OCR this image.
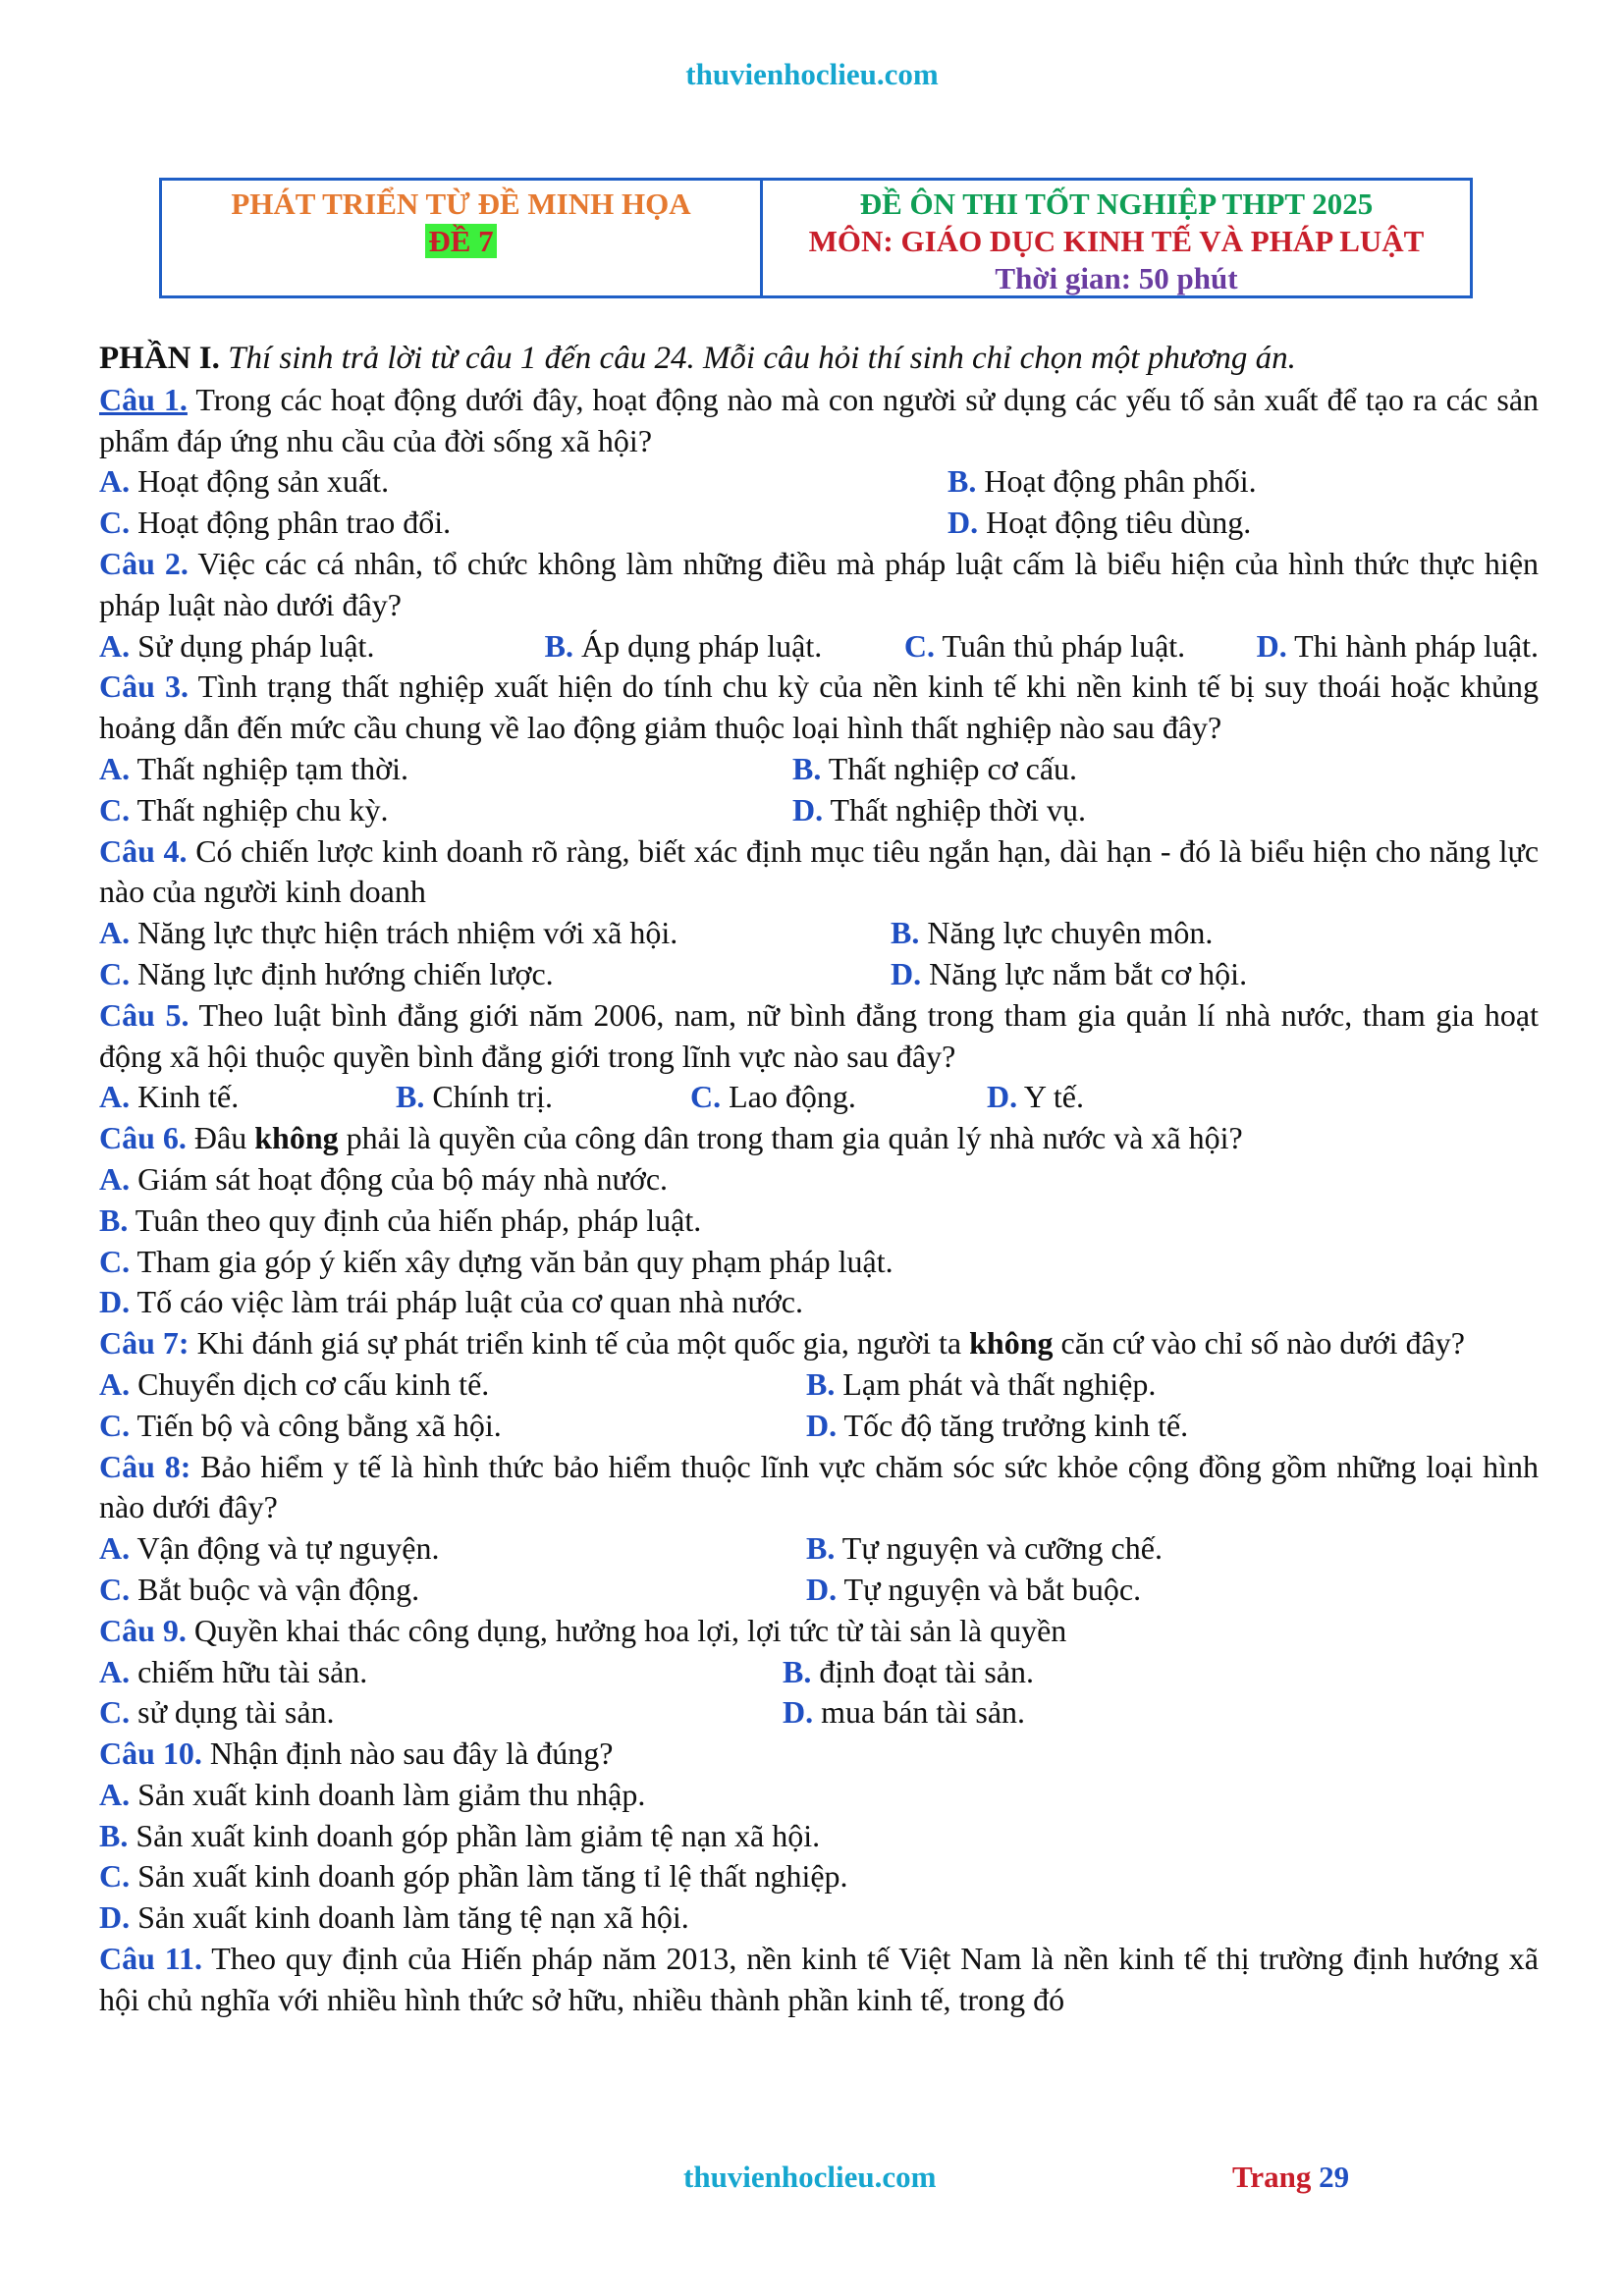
thuvienhoclieu.com
PHÁT TRIỂN TỪ ĐỀ MINH HỌA
ĐỀ 7
ĐỀ ÔN THI TỐT NGHIỆP THPT 2025
MÔN: GIÁO DỤC KINH TẾ VÀ PHÁP LUẬT
Thời gian: 50 phút

PHẦN I. Thí sinh trả lời từ câu 1 đến câu 24. Mỗi câu hỏi thí sinh chỉ chọn một phương án.

Câu 1. Trong các hoạt động dưới đây, hoạt động nào mà con người sử dụng các yếu tố sản xuất để tạo ra các sản phẩm đáp ứng nhu cầu của đời sống xã hội?

A. Hoạt động sản xuất.	B. Hoạt động phân phối.
C. Hoạt động phân trao đổi.	D. Hoạt động tiêu dùng.

Câu 2. Việc các cá nhân, tổ chức không làm những điều mà pháp luật cấm là biểu hiện của hình thức thực hiện pháp luật nào dưới đây?

A. Sử dụng pháp luật.	B. Áp dụng pháp luật.	C. Tuân thủ pháp luật.	D. Thi hành pháp luật.

Câu 3. Tình trạng thất nghiệp xuất hiện do tính chu kỳ của nền kinh tế khi nền kinh tế bị suy thoái hoặc khủng hoảng dẫn đến mức cầu chung về lao động giảm thuộc loại hình thất nghiệp nào sau đây?

A. Thất nghiệp tạm thời.	B. Thất nghiệp cơ cấu.
C. Thất nghiệp chu kỳ.	D. Thất nghiệp thời vụ.

Câu 4. Có chiến lược kinh doanh rõ ràng, biết xác định mục tiêu ngắn hạn, dài hạn - đó là biểu hiện cho năng lực nào của người kinh doanh

A. Năng lực thực hiện trách nhiệm với xã hội.	B. Năng lực chuyên môn.
C. Năng lực định hướng chiến lược.	D. Năng lực nắm bắt cơ hội.

Câu 5. Theo luật bình đẳng giới năm 2006, nam, nữ bình đẳng trong tham gia quản lí nhà nước, tham gia hoạt động xã hội thuộc quyền bình đẳng giới trong lĩnh vực nào sau đây?

A. Kinh tế.	B. Chính trị.	C. Lao động.	D. Y tế.

Câu 6. Đâu không phải là quyền của công dân trong tham gia quản lý nhà nước và xã hội?

A. Giám sát hoạt động của bộ máy nhà nước.

B. Tuân theo quy định của hiến pháp, pháp luật.

C. Tham gia góp ý kiến xây dựng văn bản quy phạm pháp luật.

D. Tố cáo việc làm trái pháp luật của cơ quan nhà nước.

Câu 7: Khi đánh giá sự phát triển kinh tế của một quốc gia, người ta không căn cứ vào chỉ số nào dưới đây?

A. Chuyển dịch cơ cấu kinh tế.	B. Lạm phát và thất nghiệp.
C. Tiến bộ và công bằng xã hội.	D. Tốc độ tăng trưởng kinh tế.

Câu 8: Bảo hiểm y tế là hình thức bảo hiểm thuộc lĩnh vực chăm sóc sức khỏe cộng đồng gồm những loại hình nào dưới đây?

A. Vận động và tự nguyện.	B. Tự nguyện và cưỡng chế.
C. Bắt buộc và vận động.	D. Tự nguyện và bắt buộc.

Câu 9. Quyền khai thác công dụng, hưởng hoa lợi, lợi tức từ tài sản là quyền

A. chiếm hữu tài sản.	B. định đoạt tài sản.
C. sử dụng tài sản.	D. mua bán tài sản.

Câu 10. Nhận định nào sau đây là đúng?

A. Sản xuất kinh doanh làm giảm thu nhập.

B. Sản xuất kinh doanh góp phần làm giảm tệ nạn xã hội.

C. Sản xuất kinh doanh góp phần làm tăng tỉ lệ thất nghiệp.

D. Sản xuất kinh doanh làm tăng tệ nạn xã hội.

Câu 11. Theo quy định của Hiến pháp năm 2013, nền kinh tế Việt Nam là nền kinh tế thị trường định hướng xã hội chủ nghĩa với nhiều hình thức sở hữu, nhiều thành phần kinh tế, trong đó

thuvienhoclieu.com	Trang 29
